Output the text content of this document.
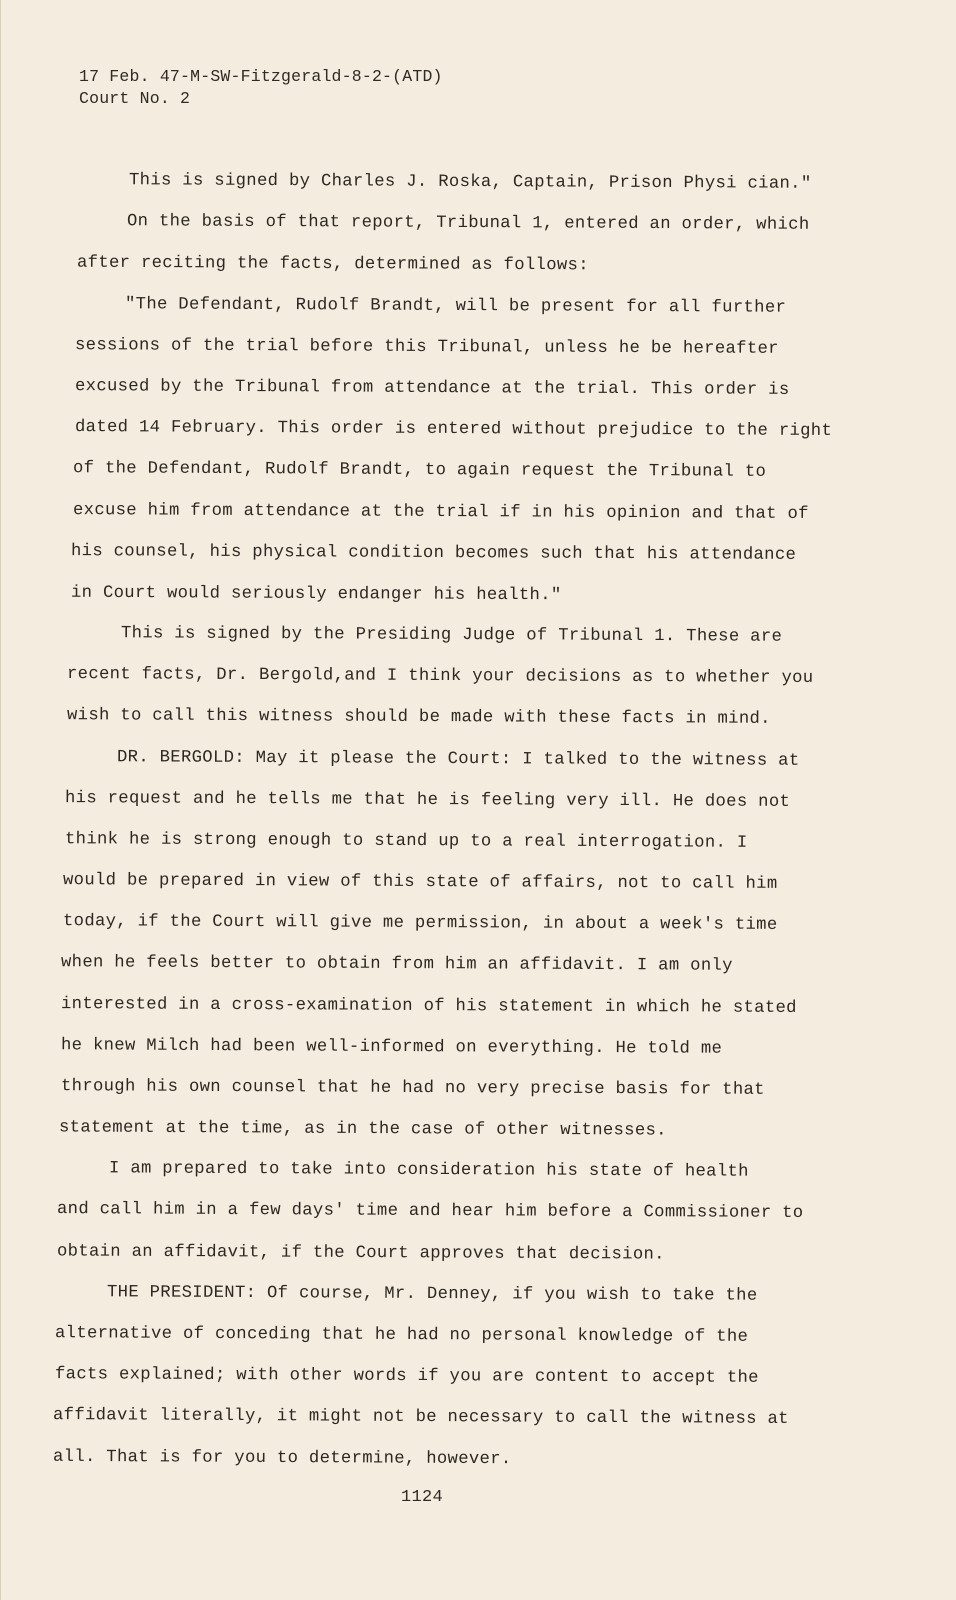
17 Feb. 47-M-SW-Fitzgerald-8-2-(ATD)
Court No. 2
This is signed by Charles J. Roska, Captain, Prison Physi cian."
On the basis of that report, Tribunal 1, entered an order, which
after reciting the facts, determined as follows:
"The Defendant, Rudolf Brandt, will be present for all further
sessions of the trial before this Tribunal, unless he be hereafter
excused by the Tribunal from attendance at the trial. This order is
dated 14 February. This order is entered without prejudice to the right
of the Defendant, Rudolf Brandt, to again request the Tribunal to
excuse him from attendance at the trial if in his opinion and that of
his counsel, his physical condition becomes such that his attendance
in Court would seriously endanger his health."
This is signed by the Presiding Judge of Tribunal 1. These are
recent facts, Dr. Bergold,and I think your decisions as to whether you
wish to call this witness should be made with these facts in mind.
DR. BERGOLD: May it please the Court: I talked to the witness at
his request and he tells me that he is feeling very ill. He does not
think he is strong enough to stand up to a real interrogation. I
would be prepared in view of this state of affairs, not to call him
today, if the Court will give me permission, in about a week's time
when he feels better to obtain from him an affidavit. I am only
interested in a cross-examination of his statement in which he stated
he knew Milch had been well-informed on everything. He told me
through his own counsel that he had no very precise basis for that
statement at the time, as in the case of other witnesses.
I am prepared to take into consideration his state of health
and call him in a few days' time and hear him before a Commissioner to
obtain an affidavit, if the Court approves that decision.
THE PRESIDENT: Of course, Mr. Denney, if you wish to take the
alternative of conceding that he had no personal knowledge of the
facts explained; with other words if you are content to accept the
affidavit literally, it might not be necessary to call the witness at
all. That is for you to determine, however.
1124
